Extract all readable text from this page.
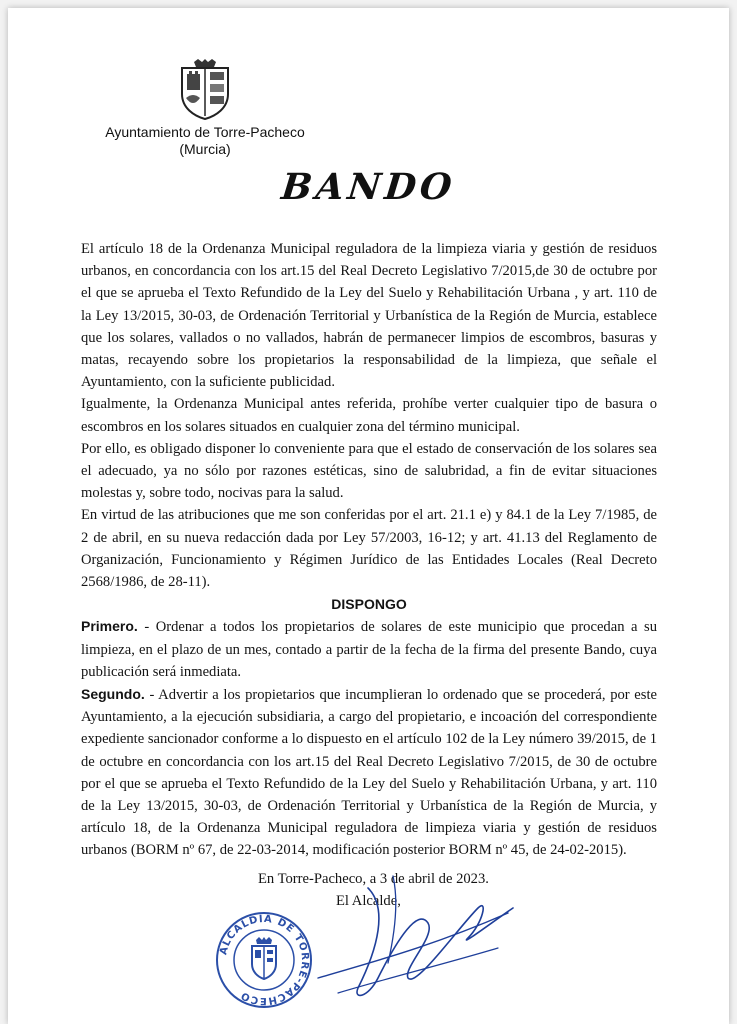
Ayuntamiento de Torre-Pacheco
(Murcia)
BANDO

El artículo 18 de la Ordenanza Municipal reguladora de la limpieza viaria y gestión de residuos urbanos, en concordancia con los art.15 del Real Decreto Legislativo 7/2015,de 30 de octubre por el que se aprueba el Texto Refundido de la Ley del Suelo y Rehabilitación Urbana , y art. 110 de la Ley 13/2015, 30-03, de Ordenación Territorial y Urbanística de la Región de Murcia, establece que los solares, vallados o no vallados, habrán de permanecer limpios de escombros, basuras y matas, recayendo sobre los propietarios la responsabilidad de la limpieza, que señale el Ayuntamiento, con la suficiente publicidad.

Igualmente, la Ordenanza Municipal antes referida, prohíbe verter cualquier tipo de basura o escombros en los solares situados en cualquier zona del término municipal.

Por ello, es obligado disponer lo conveniente para que el estado de conservación de los solares sea el adecuado, ya no sólo por razones estéticas, sino de salubridad, a fin de evitar situaciones molestas y, sobre todo, nocivas para la salud.

En virtud de las atribuciones que me son conferidas por el art. 21.1 e) y 84.1 de la Ley 7/1985, de 2 de abril, en su nueva redacción dada por Ley 57/2003, 16-12; y art. 41.13 del Reglamento de Organización, Funcionamiento y Régimen Jurídico de las Entidades Locales (Real Decreto 2568/1986, de 28-11).

DISPONGO

Primero. - Ordenar a todos los propietarios de solares de este municipio que procedan a su limpieza, en el plazo de un mes, contado a partir de la fecha de la firma del presente Bando, cuya publicación será inmediata.

Segundo. - Advertir a los propietarios que incumplieran lo ordenado que se procederá, por este Ayuntamiento, a la ejecución subsidiaria, a cargo del propietario, e incoación del correspondiente expediente sancionador conforme a lo dispuesto en el artículo 102 de la Ley número 39/2015, de 1 de octubre en concordancia con los art.15 del Real Decreto Legislativo 7/2015, de 30 de octubre por el que se aprueba el Texto Refundido de la Ley del Suelo y Rehabilitación Urbana, y art. 110 de la Ley 13/2015, 30-03, de Ordenación Territorial y Urbanística de la Región de Murcia, y artículo 18, de la Ordenanza Municipal reguladora de limpieza viaria y gestión de residuos urbanos (BORM nº 67, de 22-03-2014, modificación posterior BORM nº 45, de 24-02-2015).

En Torre-Pacheco, a 3 de abril de 2023.
El Alcalde,
ALCALDÍA DE TORRE-PACHECO
